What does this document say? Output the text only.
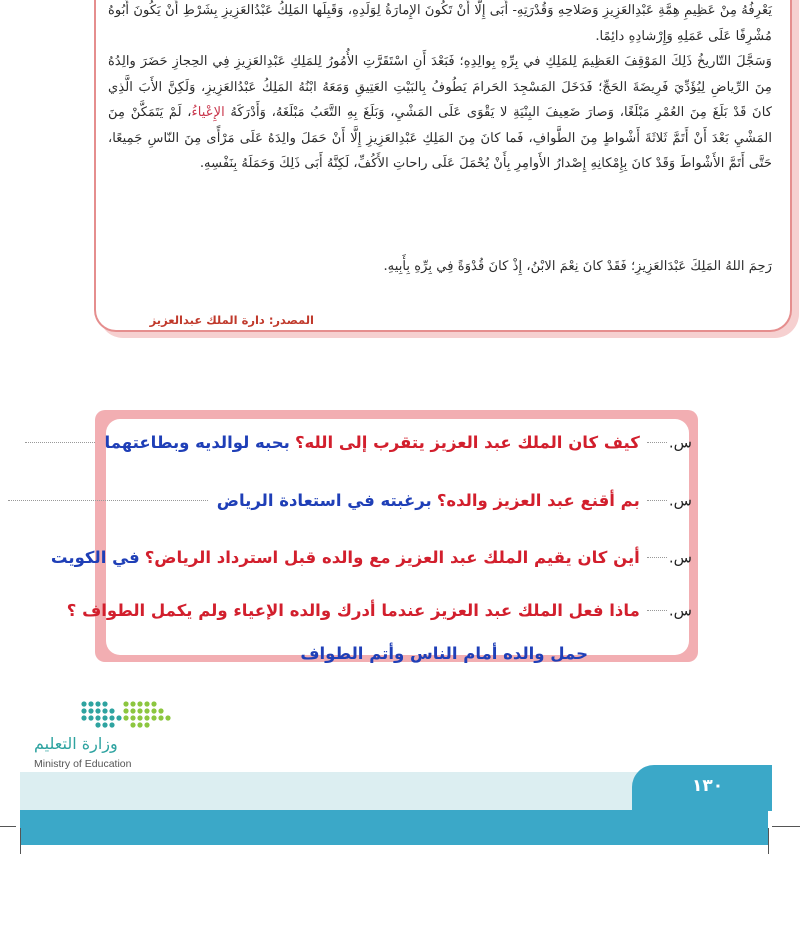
يَعْرِفُهُ مِنْ عَظِيمِ هِمَّةِ عَبْدِالعَزِيزِ وَصَلاحِهِ وَقُدْرَتِهِ- أَبَى إِلَّا أَنْ تَكُونَ الإِمارَةُ لِوَلَدِهِ، وَقَبِلَها المَلِكُ عَبْدُالعَزِيزِ بِشَرْطِ أَنْ يَكُونَ أَبُوهُ مُشْرِفًا عَلَى عَمَلِهِ وَإِرْشادِهِ دائِمًا.
وَسَجَّلَ التّاريخُ ذَلِكَ المَوْقِفَ العَظِيمَ لِلمَلِكِ في بِرِّهِ بِوالِدِهِ؛ فَبَعْدَ أَنِ اسْتَقَرَّتِ الأُمُورُ لِلمَلِكِ عَبْدِالعَزِيزِ فِي الحِجازِ حَضَرَ والِدُهُ مِنَ الرِّياضِ لِيُؤَدِّيَ فَرِيضَةَ الحَجِّ؛ فَدَخَلَ المَسْجِدَ الحَرامَ يَطُوفُ بِالبَيْتِ العَتِيقِ وَمَعَهُ ابْنُهُ المَلِكُ عَبْدُالعَزِيزِ، وَلَكِنَّ الأَبَ الَّذِي كانَ قَدْ بَلَغَ مِنَ العُمْرِ مَبْلَغًا، وَصارَ ضَعِيفَ البِنْيَةِ لا يَقْوَى عَلَى المَشْيِ، وَبَلَغَ بِهِ التَّعَبُ مَبْلَغَهُ، وَأَدْرَكَهُ الإِعْياءُ، لَمْ يَتَمَكَّنْ مِنَ المَشْيِ بَعْدَ أَنْ أَتَمَّ ثَلاثَةَ أَشْواطٍ مِنَ الطَّوافِ، فَما كانَ مِنَ المَلِكِ عَبْدِالعَزِيزِ إِلَّا أَنْ حَمَلَ والِدَهُ عَلَى مَرْأًى مِنَ النّاسِ جَمِيعًا، حَتَّى أَتَمَّ الأَشْواطَ وَقَدْ كانَ بِإِمْكانِهِ إِصْدارُ الأَوامِرِ بِأَنْ يُحْمَلَ عَلَى راحاتِ الأَكُفِّ، لَكِنَّهُ أَبَى ذَلِكَ وَحَمَلَهُ بِنَفْسِهِ.
رَحِمَ اللهُ المَلِكَ عَبْدَالعَزِيزِ؛ فَقَدْ كانَ نِعْمَ الابْنُ، إِذْ كانَ قُدْوَةً فِي بِرِّهِ بِأَبِيهِ.
المصدر: دارة الملك عبدالعزيز
س. كيف كان الملك عبد العزيز يتقرب إلى الله؟ بحبه لوالديه وبطاعتهما
س. بم أقنع عبد العزيز والده؟ برغبته في استعادة الرياض
س. أين كان يقيم الملك عبد العزيز مع والده قبل استرداد الرياض؟ في الكويت
س. ماذا فعل الملك عبد العزيز عندما أدرك والده الإعياء ولم يكمل الطواف ؟
حمل والده أمام الناس وأتم الطواف
وزارة التعليم
Ministry of Education
١٣٠
